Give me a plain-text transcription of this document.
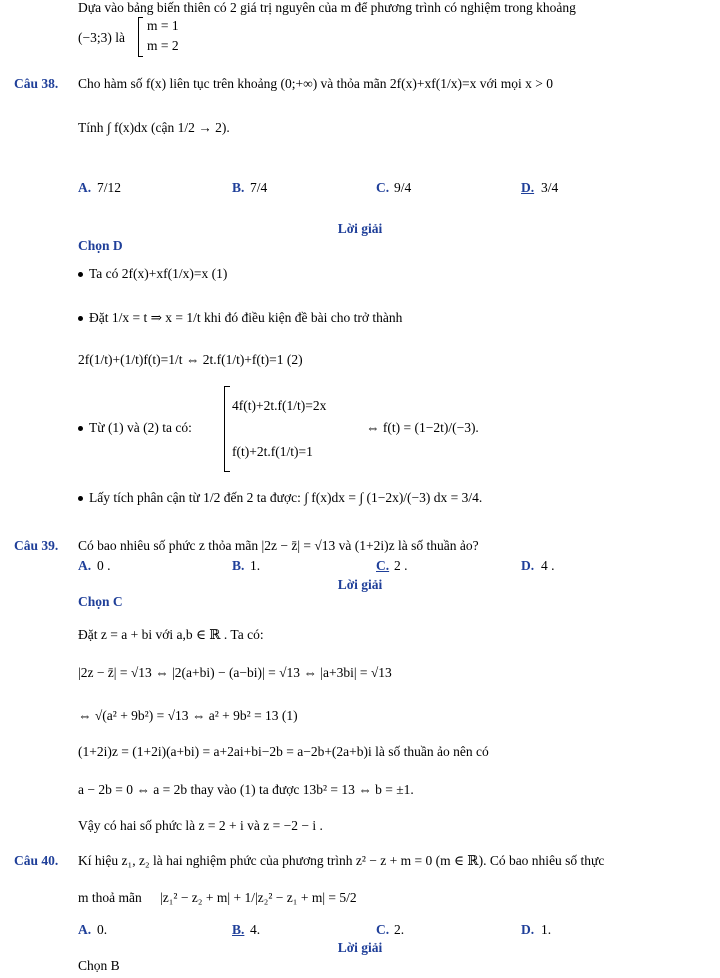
Dựa vào bảng biến thiên có 2 giá trị nguyên của m để phương trình có nghiệm trong khoảng
(−3;3) là
m = 1
m = 2
Câu 38. Cho hàm số f(x) liên tục trên khoảng (0;+∞) và thỏa mãn 2f(x)+xf(1/x)=x với mọi x > 0
Tính ∫ f(x)dx (cận 1/2 → 2).
A. 7/12	B. 7/4	C. 9/4	D. 3/4
Lời giải
Chọn D
Ta có 2f(x)+xf(1/x)=x (1)
Đặt 1/x = t ⇒ x = 1/t khi đó điều kiện đề bài cho trở thành
2f(1/t)+(1/t)f(t)=1/t ⇔ 2t.f(1/t)+f(t)=1 (2)
Từ (1) và (2) ta có:
4f(t)+2t.f(1/t)=2x
f(t)+2t.f(1/t)=1
⇔ f(t) = (1−2t)/(−3).
Lấy tích phân cận từ 1/2 đến 2 ta được: ∫ f(x)dx = ∫ (1−2x)/(−3) dx = 3/4.
Câu 39. Có bao nhiêu số phức z thỏa mãn |2z − z̄| = √13 và (1+2i)z là số thuần ảo?
A. 0 .	B. 1.	C. 2 .	D. 4 .
Lời giải
Chọn C
Đặt z = a + bi với a,b ∈ ℝ . Ta có:
|2z − z̄| = √13 ⇔ |2(a+bi) − (a−bi)| = √13 ⇔ |a+3bi| = √13
⇔ √(a² + 9b²) = √13 ⇔ a² + 9b² = 13 (1)
(1+2i)z = (1+2i)(a+bi) = a+2ai+bi−2b = a−2b+(2a+b)i là số thuần ảo nên có
a − 2b = 0 ⇔ a = 2b thay vào (1) ta được 13b² = 13 ⇔ b = ±1.
Vậy có hai số phức là z = 2 + i và z = −2 − i .
Câu 40. Kí hiệu z₁, z₂ là hai nghiệm phức của phương trình z² − z + m = 0 (m ∈ ℝ). Có bao nhiêu số thực
m thoả mãn |z₁² − z₂ + m| + 1/|z₂² − z₁ + m| = 5/2
A. 0.	B. 4.	C. 2.	D. 1.
Lời giải
Chọn B
